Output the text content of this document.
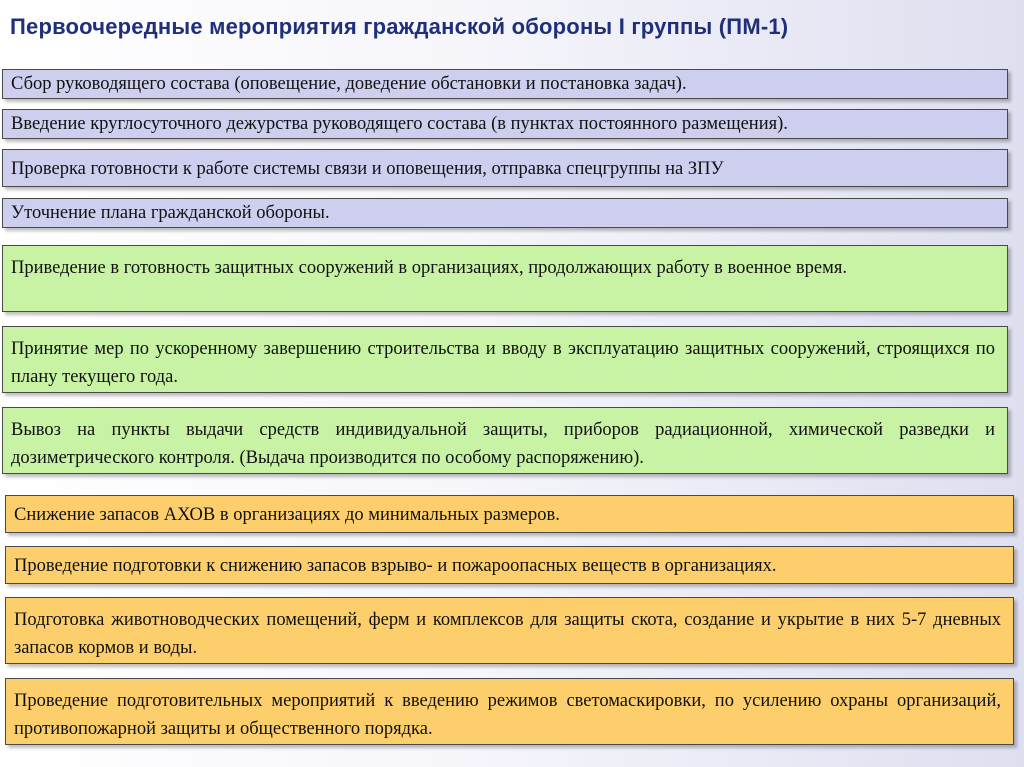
Первоочередные мероприятия гражданской обороны I группы (ПМ-1)
Сбор руководящего состава (оповещение, доведение обстановки и постановка задач).
Введение круглосуточного дежурства руководящего состава (в пунктах постоянного размещения).
Проверка готовности к работе системы связи и оповещения, отправка спецгруппы на ЗПУ
Уточнение плана гражданской обороны.
Приведение в готовность защитных сооружений в организациях, продолжающих работу в военное время.
Принятие мер по ускоренному завершению строительства и вводу в эксплуатацию защитных сооружений, строящихся по плану текущего года.
Вывоз на пункты выдачи средств индивидуальной защиты, приборов радиационной, химической разведки и дозиметрического контроля. (Выдача производится по особому распоряжению).
Снижение запасов АХОВ в организациях до минимальных размеров.
Проведение подготовки к снижению запасов взрыво- и пожароопасных веществ в организациях.
Подготовка животноводческих помещений, ферм и комплексов для защиты скота, создание и укрытие в них 5-7 дневных запасов кормов и воды.
Проведение подготовительных мероприятий к введению режимов светомаскировки, по усилению охраны организаций, противопожарной защиты и общественного порядка.
